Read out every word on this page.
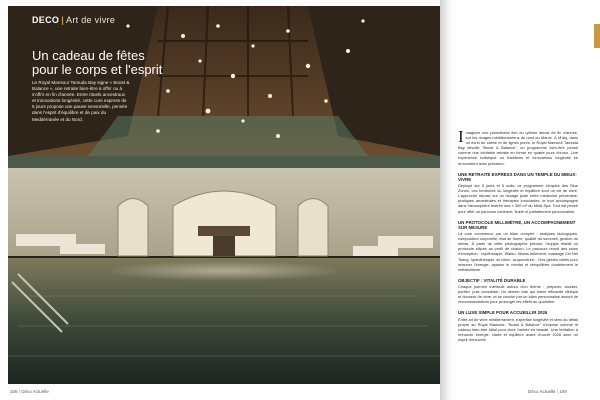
DECO | Art de vivre
Un cadeau de fêtes
pour le corps et l'esprit
Le Royal Mansour Tamuda Bay signe « Boost & Balance », une retraite bien-être à offrir ou à s'offrir en fin d'année. Entre rituels ancestraux et innovations longévité, cette cure express de 5 jours propose une pause sensorielle, pensée dans l'esprit d'équilibre et de paix du Meditérranée et du Nord.

Imaginez une parenthèse lien du rythme dense de fin d'année, sur les rivages méditerranéens du nord du Maroc. À M'diq, dans un écrin de calme et de lignes pures, le Royal Mansour Tamuda Bay dévoile "Boost & Balance", un programme bien-être pensé comme une véritable retraite en forme en quatre jours chrono. Une expérience holistique où traditions et innovations longévité se rencontrent avec précision.

UNE RETRAITE EXPRESS DANS UN TEMPLE DU MIEUX-VIVRE

Déployé sur 5 jours et 5 nuits, ce programme s'inspire des Blue Zones, ces territoires où longévité et équilibre sont un art de vivre. L'approche repose sur un dosage juste entre médecine préventive, pratiques ancestrales et thérapies innovantes, le tout accompagné dans l'atmosphère feutrée des « 300 m² du Medi-Spa. Tout est pensé pour offrir un parcours cohérent, fluide et parfaitement personnalisé.

UN PROTOCOLE MILLIMÉTRÉ, UN ACCOMPAGNEMENT SUR MESURE

La cure commence par un bilan complet : analyses biologiques, composition corporelle, état de forme, qualité du sommeil, gestion du stress. À partir de cette photographie précise, l'équipe établit un protocole ellipsé au profil de chacun. Le parcours réunit des soins d'exception : cryothérapie, Watsu, fitness tellement, massage Chi Nei Tsang, hydrothérapie du côlon, acupuncture... Des gestes ciblés pour relancer l'énergie, apaiser le mental et rééquilibrer durablement le métabolisme.

OBJECTIF : VITALITÉ DURABLE

Chaque journée s'articule autour d'un thème : préparer, stocker, purifier, puis consolider. Un dernier clair qui mène efficacité clinique et douceur de vivre, et se conclut par un bilan personnalisé assorti de recommandations pour prolonger les effets au quotidien.

UN LUXE SIMPLE POUR ACCUEILLIR 2026

Entre art de vivre méditerranéen, expertise longévité et sens du détail propre au Royal Mansour, "Boost & Balance" s'impose comme le cadeau bien-être idéal pour clore l'année en beauté. Une invitation à retrouver énergie, clarté et équilibre avant d'ouvrir 2026 avec un esprit renouvelé.

106 | Déco Actuelle	Déco Actuelle | 109
